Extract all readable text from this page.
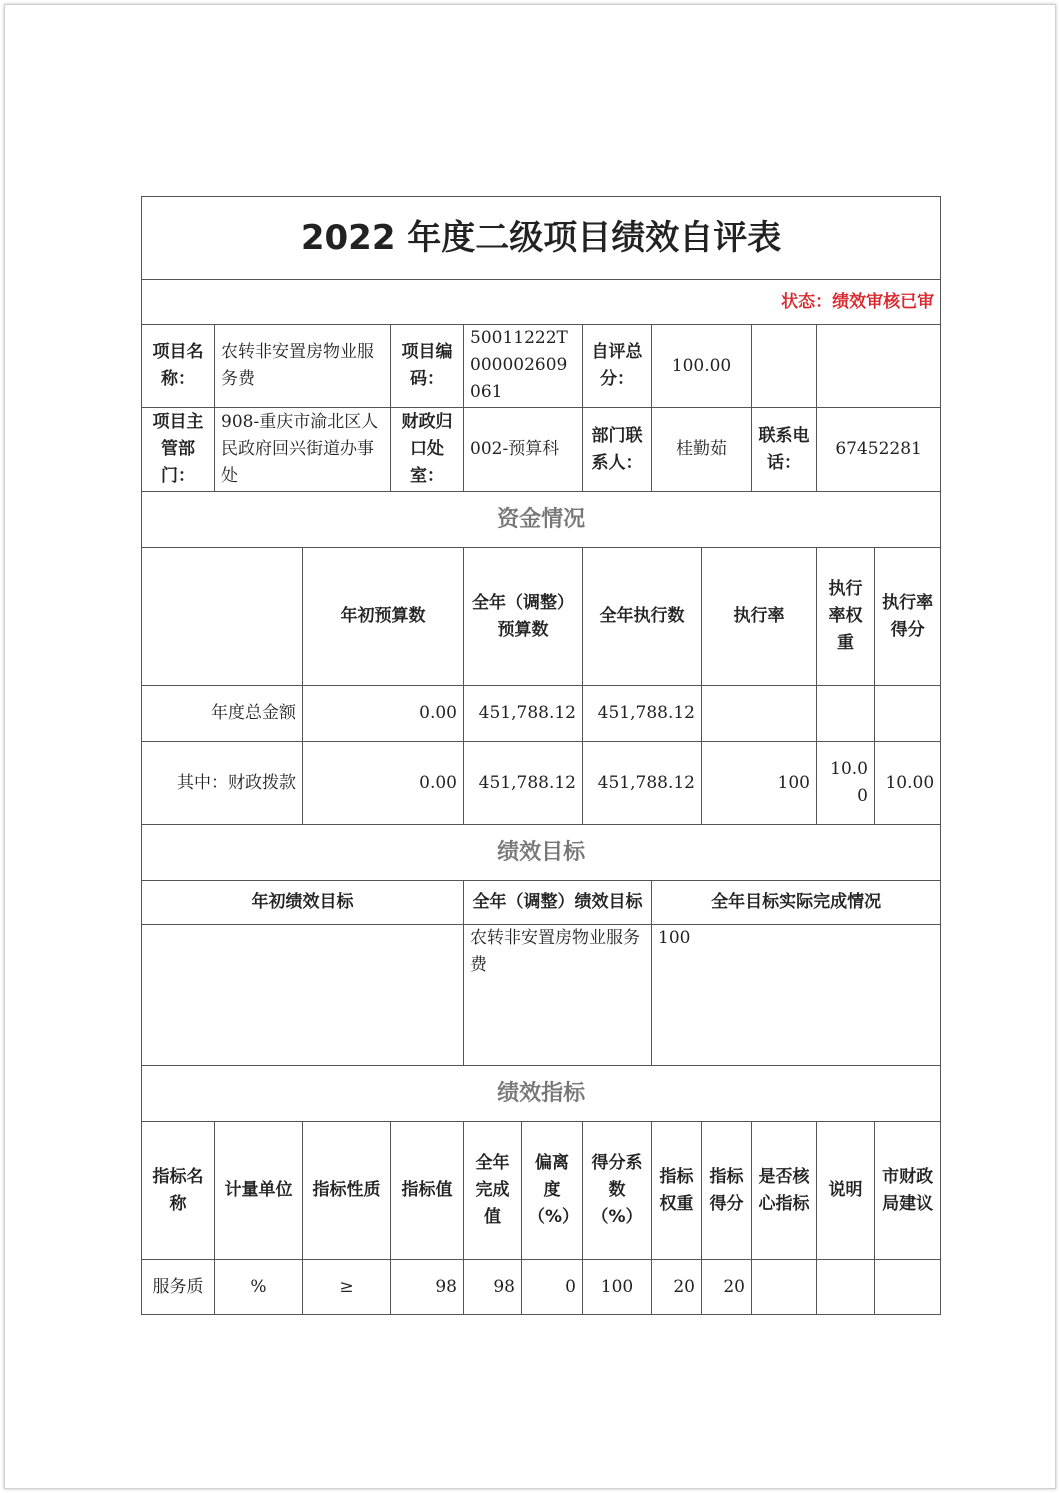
2022 年度二级项目绩效自评表											
状态：绩效审核已审											
项目名称：	农转非安置房物业服务费		项目编码：	50011222T000002609061		自评总分：	100.00				
项目主管部门：	908-重庆市渝北区人民政府回兴街道办事处		财政归口处室：	002-预算科		部门联系人：	桂勤茹		联系电话：	67452281	
资金情况											
		年初预算数		全年（调整）预算数		全年执行数		执行率		执行率权重	执行率得分
年度总金额		0.00		451,788.12		451,788.12					
其中：财政拨款		0.00		451,788.12		451,788.12		100		10.00	10.00
绩效目标											
年初绩效目标				全年（调整）绩效目标			全年目标实际完成情况				
				农转非安置房物业服务费			100				
绩效指标											
指标名称	计量单位	指标性质	指标值	全年完成值	偏离度（%）	得分系数（%）	指标权重	指标得分	是否核心指标	说明	市财政局建议
服务质	%	≥	98	98	0	100	20	20			
